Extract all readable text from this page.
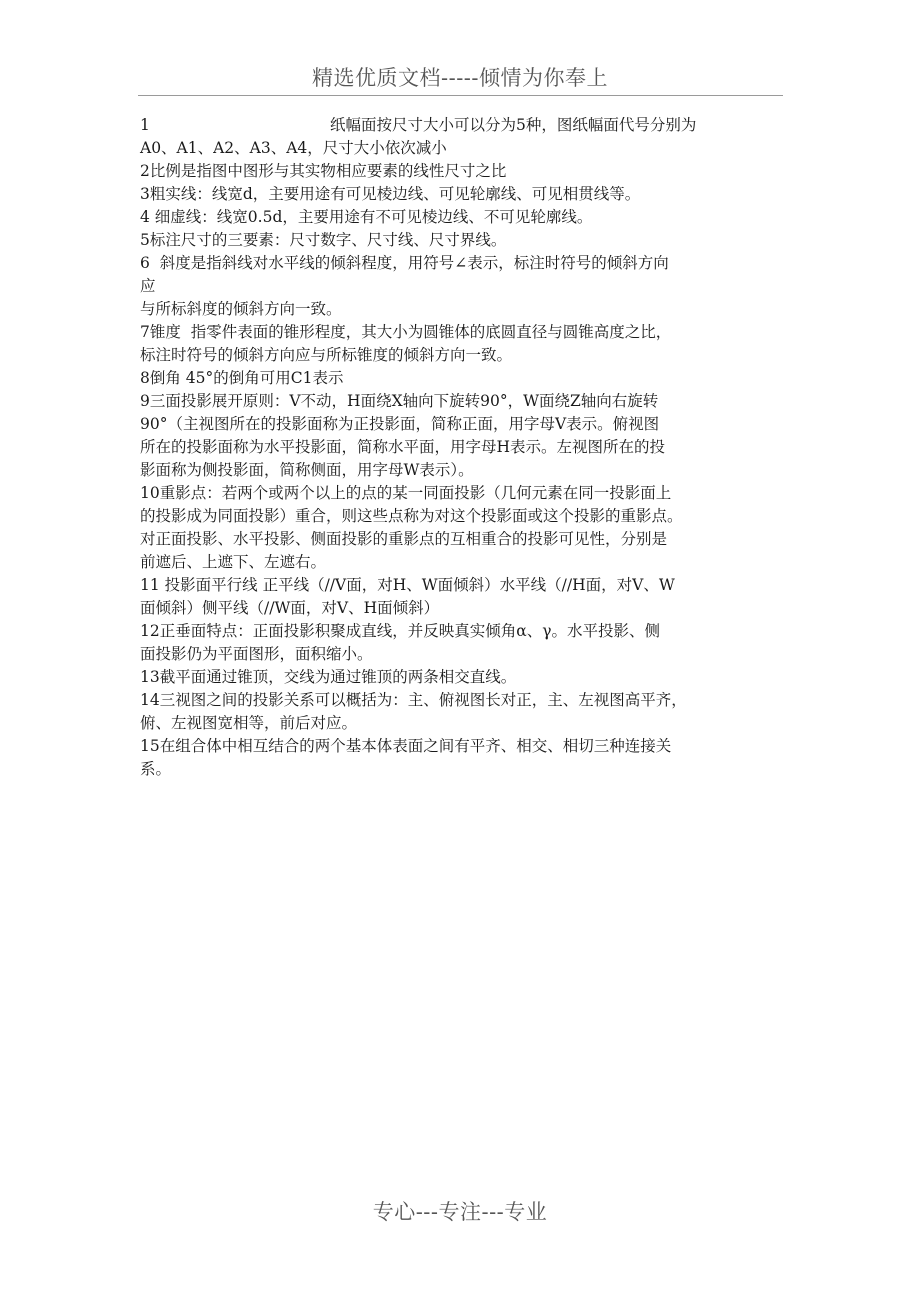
精选优质文档-----倾情为你奉上
1	纸幅面按尺寸大小可以分为5种，图纸幅面代号分别为
A0、A1、A2、A3、A4，尺寸大小依次减小
2比例是指图中图形与其实物相应要素的线性尺寸之比
3粗实线：线宽d，主要用途有可见棱边线、可见轮廓线、可见相贯线等。
4 细虚线：线宽0.5d，主要用途有不可见棱边线、不可见轮廓线。
5标注尺寸的三要素：尺寸数字、尺寸线、尺寸界线。
6  斜度是指斜线对水平线的倾斜程度，用符号∠表示，标注时符号的倾斜方向
应
与所标斜度的倾斜方向一致。
7锥度  指零件表面的锥形程度，其大小为圆锥体的底圆直径与圆锥高度之比，
标注时符号的倾斜方向应与所标锥度的倾斜方向一致。
8倒角 45°的倒角可用C1表示
9三面投影展开原则：V不动，H面绕X轴向下旋转90°，W面绕Z轴向右旋转
90°（主视图所在的投影面称为正投影面，简称正面，用字母V表示。俯视图
所在的投影面称为水平投影面，简称水平面，用字母H表示。左视图所在的投
影面称为侧投影面，简称侧面，用字母W表示）。
10重影点：若两个或两个以上的点的某一同面投影（几何元素在同一投影面上
的投影成为同面投影）重合，则这些点称为对这个投影面或这个投影的重影点。
对正面投影、水平投影、侧面投影的重影点的互相重合的投影可见性，分别是
前遮后、上遮下、左遮右。
11 投影面平行线 正平线（//V面，对H、W面倾斜）水平线（//H面，对V、W
面倾斜）侧平线（//W面，对V、H面倾斜）
12正垂面特点：正面投影积聚成直线，并反映真实倾角α、γ。水平投影、侧
面投影仍为平面图形，面积缩小。
13截平面通过锥顶，交线为通过锥顶的两条相交直线。
14三视图之间的投影关系可以概括为：主、俯视图长对正，主、左视图高平齐，
俯、左视图宽相等，前后对应。
15在组合体中相互结合的两个基本体表面之间有平齐、相交、相切三种连接关
系。
专心---专注---专业
